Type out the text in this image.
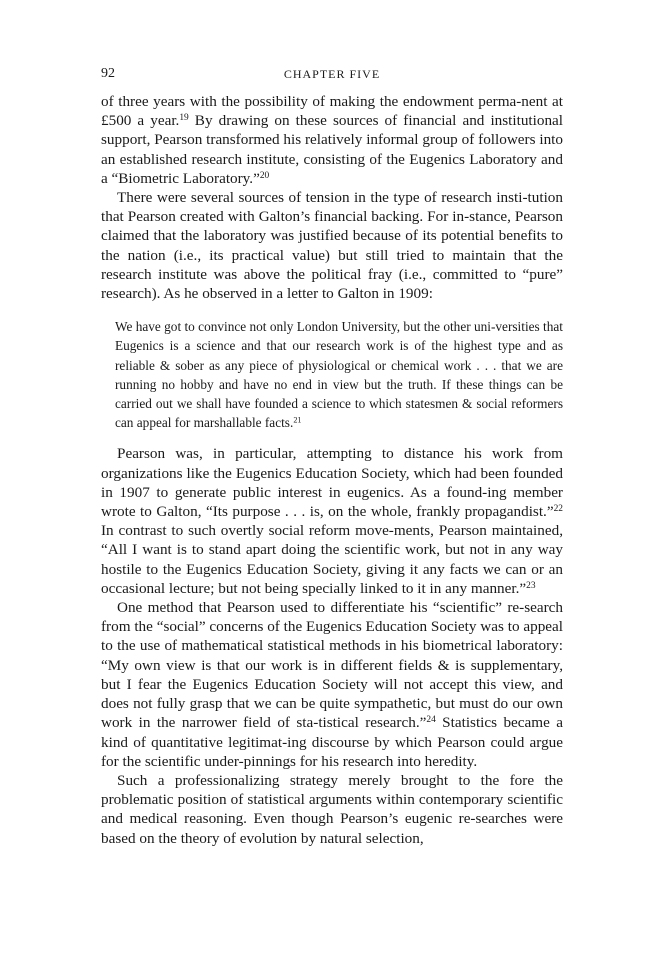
92	CHAPTER FIVE

of three years with the possibility of making the endowment perma-nent at £500 a year.$^{19}$ By drawing on these sources of financial and institutional support, Pearson transformed his relatively informal group of followers into an established research institute, consisting of the Eugenics Laboratory and a “Biometric Laboratory.”$^{20}$

There were several sources of tension in the type of research insti-tution that Pearson created with Galton’s financial backing. For in-stance, Pearson claimed that the laboratory was justified because of its potential benefits to the nation (i.e., its practical value) but still tried to maintain that the research institute was above the political fray (i.e., committed to “pure” research). As he observed in a letter to Galton in 1909:

We have got to convince not only London University, but the other uni-versities that Eugenics is a science and that our research work is of the highest type and as reliable & sober as any piece of physiological or chemical work . . . that we are running no hobby and have no end in view but the truth. If these things can be carried out we shall have founded a science to which statesmen & social reformers can appeal for marshallable facts.$^{21}$

Pearson was, in particular, attempting to distance his work from organizations like the Eugenics Education Society, which had been founded in 1907 to generate public interest in eugenics. As a found-ing member wrote to Galton, “Its purpose . . . is, on the whole, frankly propagandist.”$^{22}$ In contrast to such overtly social reform move-ments, Pearson maintained, “All I want is to stand apart doing the scientific work, but not in any way hostile to the Eugenics Education Society, giving it any facts we can or an occasional lecture; but not being specially linked to it in any manner.”$^{23}$

One method that Pearson used to differentiate his “scientific” re-search from the “social” concerns of the Eugenics Education Society was to appeal to the use of mathematical statistical methods in his biometrical laboratory: “My own view is that our work is in different fields & is supplementary, but I fear the Eugenics Education Society will not accept this view, and does not fully grasp that we can be quite sympathetic, but must do our own work in the narrower field of sta-tistical research.”$^{24}$ Statistics became a kind of quantitative legitimat-ing discourse by which Pearson could argue for the scientific under-pinnings for his research into heredity.

Such a professionalizing strategy merely brought to the fore the problematic position of statistical arguments within contemporary scientific and medical reasoning. Even though Pearson’s eugenic re-searches were based on the theory of evolution by natural selection,
